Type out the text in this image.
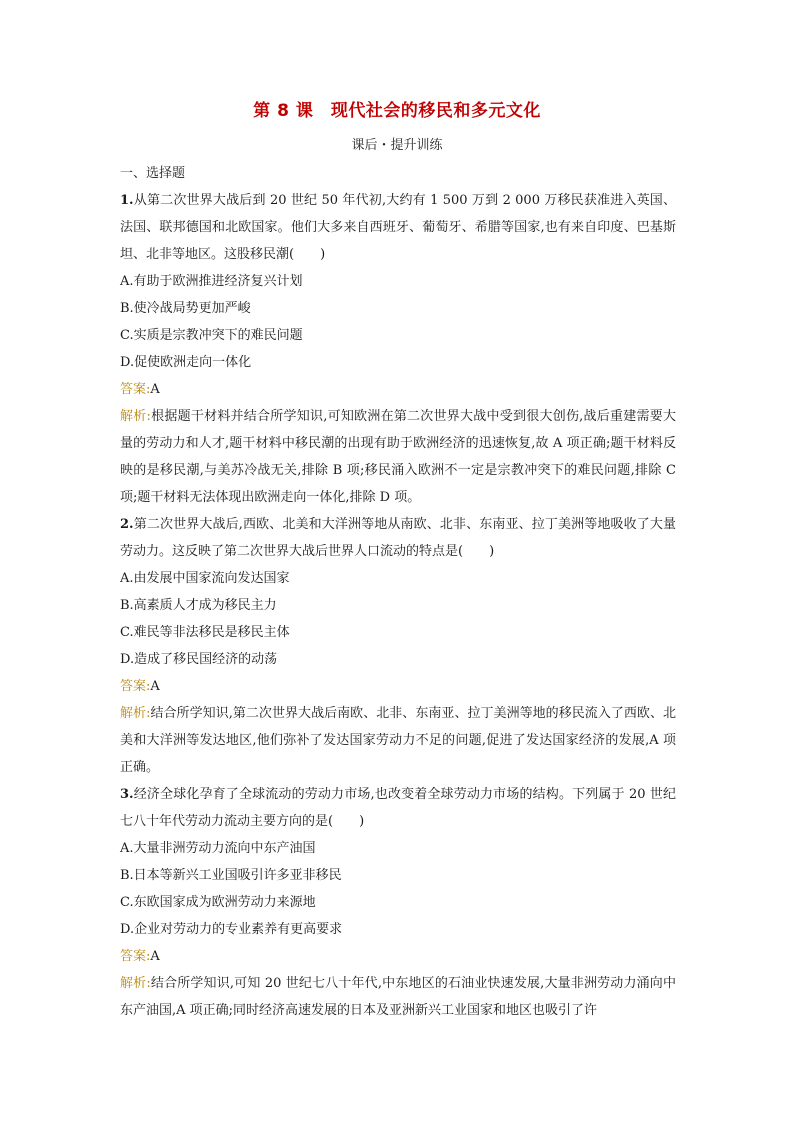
第 8 课　现代社会的移民和多元文化
课后・提升训练

一、选择题

1.从第二次世界大战后到 20 世纪 50 年代初,大约有 1 500 万到 2 000 万移民获准进入英国、法国、联邦德国和北欧国家。他们大多来自西班牙、葡萄牙、希腊等国家,也有来自印度、巴基斯坦、北非等地区。这股移民潮(　　)

A.有助于欧洲推进经济复兴计划

B.使冷战局势更加严峻

C.实质是宗教冲突下的难民问题

D.促使欧洲走向一体化

答案:A

解析:根据题干材料并结合所学知识,可知欧洲在第二次世界大战中受到很大创伤,战后重建需要大量的劳动力和人才,题干材料中移民潮的出现有助于欧洲经济的迅速恢复,故 A 项正确;题干材料反映的是移民潮,与美苏冷战无关,排除 B 项;移民涌入欧洲不一定是宗教冲突下的难民问题,排除 C 项;题干材料无法体现出欧洲走向一体化,排除 D 项。

2.第二次世界大战后,西欧、北美和大洋洲等地从南欧、北非、东南亚、拉丁美洲等地吸收了大量劳动力。这反映了第二次世界大战后世界人口流动的特点是(　　)

A.由发展中国家流向发达国家

B.高素质人才成为移民主力

C.难民等非法移民是移民主体

D.造成了移民国经济的动荡

答案:A

解析:结合所学知识,第二次世界大战后南欧、北非、东南亚、拉丁美洲等地的移民流入了西欧、北美和大洋洲等发达地区,他们弥补了发达国家劳动力不足的问题,促进了发达国家经济的发展,A 项正确。

3.经济全球化孕育了全球流动的劳动力市场,也改变着全球劳动力市场的结构。下列属于 20 世纪七八十年代劳动力流动主要方向的是(　　)

A.大量非洲劳动力流向中东产油国

B.日本等新兴工业国吸引许多亚非移民

C.东欧国家成为欧洲劳动力来源地

D.企业对劳动力的专业素养有更高要求

答案:A

解析:结合所学知识,可知 20 世纪七八十年代,中东地区的石油业快速发展,大量非洲劳动力涌向中东产油国,A 项正确;同时经济高速发展的日本及亚洲新兴工业国家和地区也吸引了许
